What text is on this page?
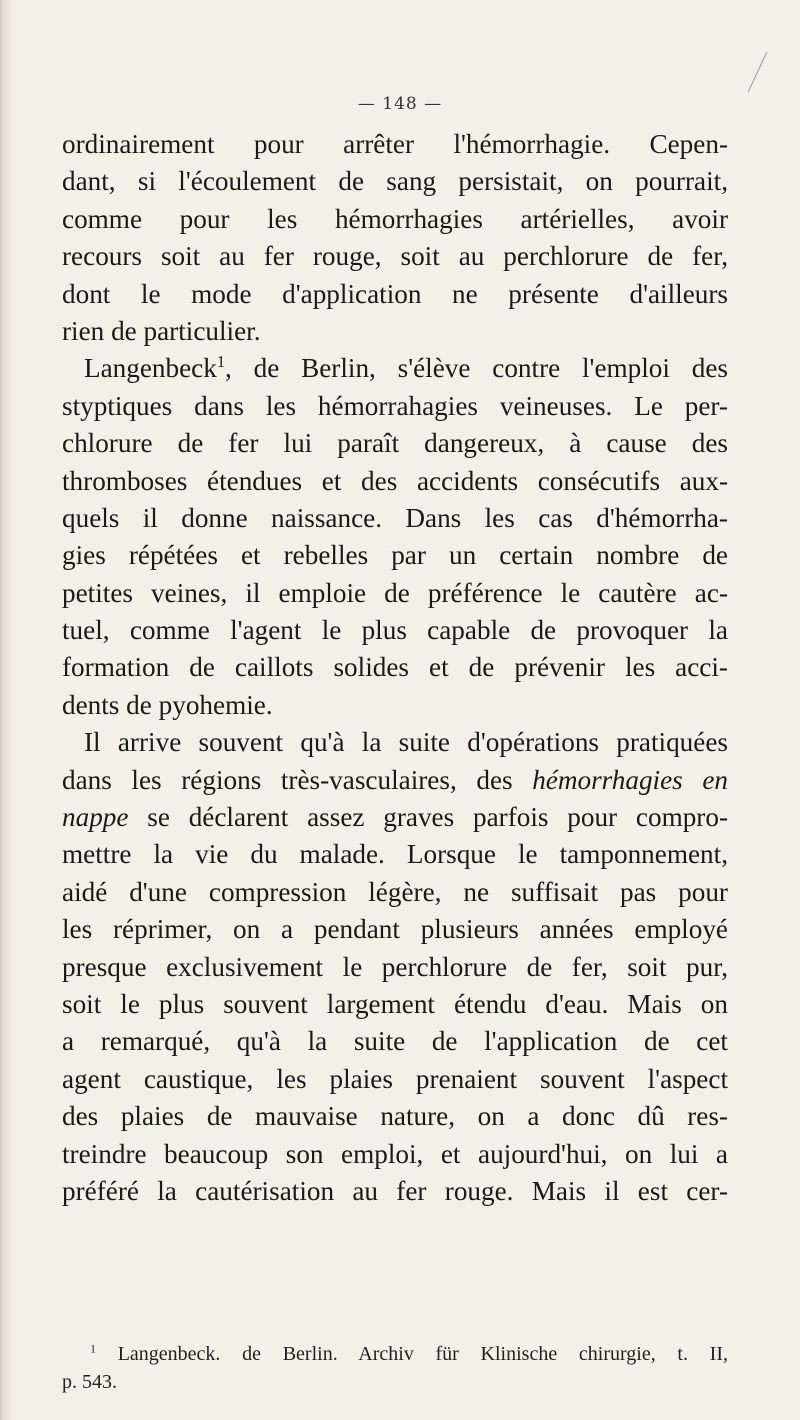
— 148 —
ordinairement pour arrêter l'hémorrhagie. Cepen-
dant, si l'écoulement de sang persistait, on pourrait,
comme pour les hémorrhagies artérielles, avoir
recours soit au fer rouge, soit au perchlorure de fer,
dont le mode d'application ne présente d'ailleurs
rien de particulier.
Langenbeck$^1$, de Berlin, s'élève contre l'emploi des
styptiques dans les hémorrahagies veineuses. Le per-
chlorure de fer lui paraît dangereux, à cause des
thromboses étendues et des accidents consécutifs aux-
quels il donne naissance. Dans les cas d'hémorrha-
gies répétées et rebelles par un certain nombre de
petites veines, il emploie de préférence le cautère ac-
tuel, comme l'agent le plus capable de provoquer la
formation de caillots solides et de prévenir les acci-
dents de pyohemie.
Il arrive souvent qu'à la suite d'opérations pratiquées
dans les régions très-vasculaires, des hémorrhagies en
nappe se déclarent assez graves parfois pour compro-
mettre la vie du malade. Lorsque le tamponnement,
aidé d'une compression légère, ne suffisait pas pour
les réprimer, on a pendant plusieurs années employé
presque exclusivement le perchlorure de fer, soit pur,
soit le plus souvent largement étendu d'eau. Mais on
a remarqué, qu'à la suite de l'application de cet
agent caustique, les plaies prenaient souvent l'aspect
des plaies de mauvaise nature, on a donc dû res-
treindre beaucoup son emploi, et aujourd'hui, on lui a
préféré la cautérisation au fer rouge. Mais il est cer-
$^1$ Langenbeck. de Berlin. Archiv für Klinische chirurgie, t. II,
p. 543.
